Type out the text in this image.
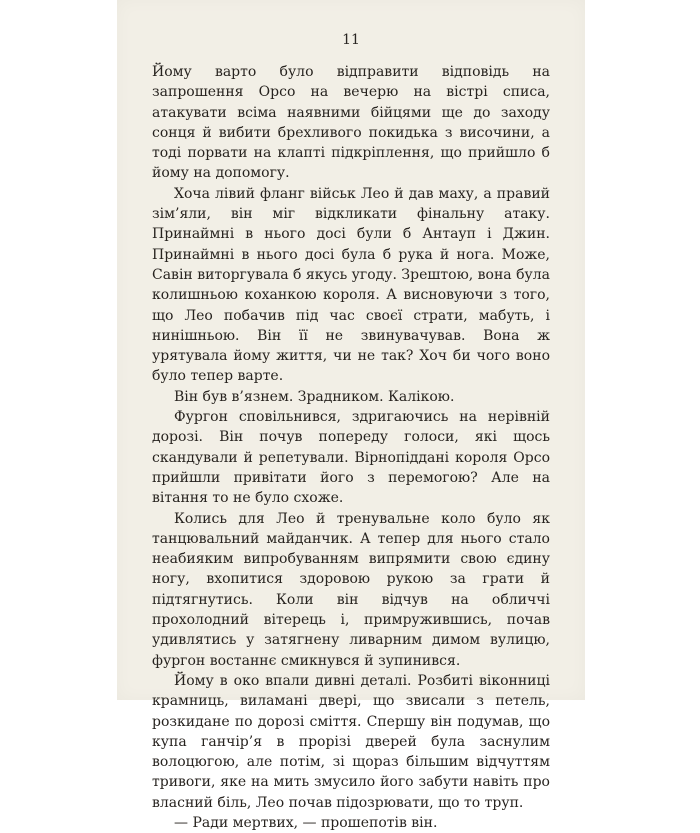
11

Йому варто було відправити відповідь на запрошення Орсо на вечерю на вістрі списа, атакувати всіма наявними бійцями ще до заходу сонця й вибити брехливого покидька з височини, а тоді порвати на клапті підкріплення, що прийшло б йому на допомогу.

Хоча лівий фланг військ Лео й дав маху, а правий зім’яли, він міг відкликати фінальну атаку. Принаймні в нього досі були б Антауп і Джин. Принаймні в нього досі була б рука й нога. Може, Савін виторгувала б якусь угоду. Зрештою, вона була колишньою коханкою короля. А висновуючи з того, що Лео побачив під час своєї страти, мабуть, і нинішньою. Він її не звинувачував. Вона ж урятувала йому життя, чи не так? Хоч би чого воно було тепер варте.

Він був в’язнем. Зрадником. Калікою.

Фургон сповільнився, здригаючись на нерівній дорозі. Він почув попереду голоси, які щось скандували й репетували. Вірнопіддані короля Орсо прийшли привітати його з перемогою? Але на вітання то не було схоже.

Колись для Лео й тренувальне коло було як танцювальний майданчик. А тепер для нього стало неабияким випробуванням випрямити свою єдину ногу, вхопитися здоровою рукою за грати й підтягнутись. Коли він відчув на обличчі прохолодний вітерець і, примружившись, почав удивлятись у затягнену ливарним димом вулицю, фургон востаннє смикнувся й зупинився.

Йому в око впали дивні деталі. Розбиті віконниці крамниць, виламані двері, що звисали з петель, розкидане по дорозі сміття. Спершу він подумав, що купа ганчір’я в прорізі дверей була заснулим волоцюгою, але потім, зі щораз більшим відчуттям тривоги, яке на мить змусило його забути навіть про власний біль, Лео почав підозрювати, що то труп.

— Ради мертвих, — прошепотів він.
